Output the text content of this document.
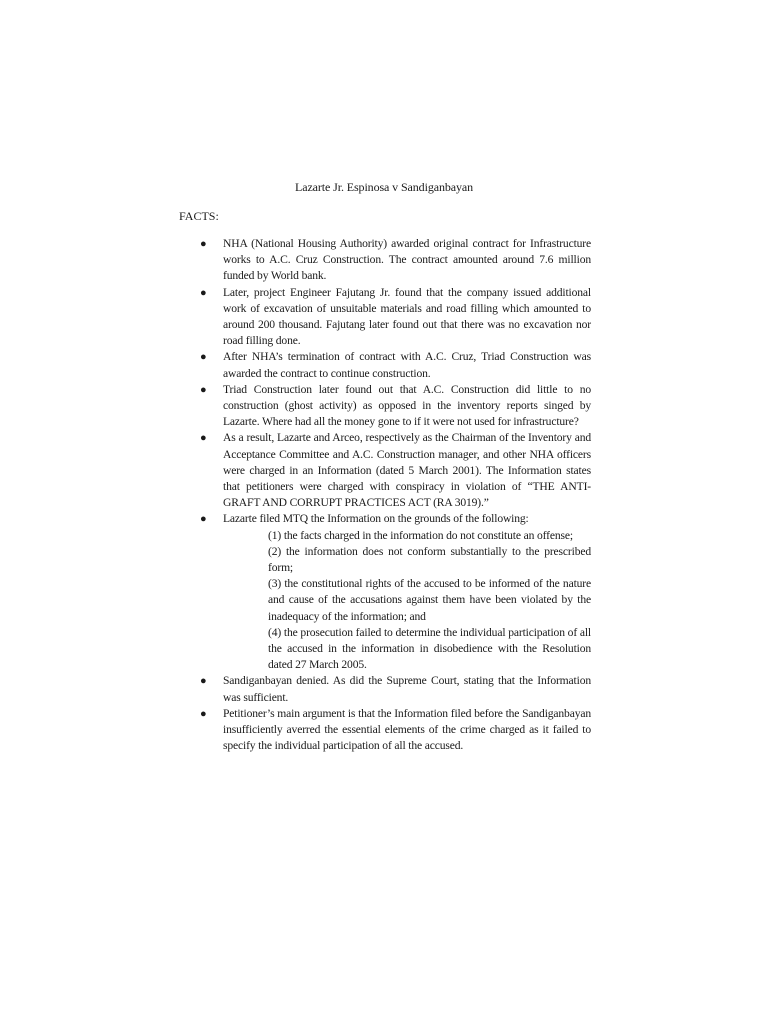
Lazarte Jr. Espinosa v Sandiganbayan
FACTS:
● NHA (National Housing Authority) awarded original contract for Infrastructure works to A.C. Cruz Construction. The contract amounted around 7.6 million funded by World bank.
● Later, project Engineer Fajutang Jr. found that the company issued additional work of excavation of unsuitable materials and road filling which amounted to around 200 thousand. Fajutang later found out that there was no excavation nor road filling done.
● After NHA’s termination of contract with A.C. Cruz, Triad Construction was awarded the contract to continue construction.
● Triad Construction later found out that A.C. Construction did little to no construction (ghost activity) as opposed in the inventory reports singed by Lazarte. Where had all the money gone to if it were not used for infrastructure?
● As a result, Lazarte and Arceo, respectively as the Chairman of the Inventory and Acceptance Committee and A.C. Construction manager, and other NHA officers were charged in an Information (dated 5 March 2001). The Information states that petitioners were charged with conspiracy in violation of “THE ANTI-GRAFT AND CORRUPT PRACTICES ACT (RA 3019).”
● Lazarte filed MTQ the Information on the grounds of the following:
(1) the facts charged in the information do not constitute an offense;
(2) the information does not conform substantially to the prescribed form;
(3) the constitutional rights of the accused to be informed of the nature and cause of the accusations against them have been violated by the inadequacy of the information; and
(4) the prosecution failed to determine the individual participation of all the accused in the information in disobedience with the Resolution dated 27 March 2005.
● Sandiganbayan denied. As did the Supreme Court, stating that the Information was sufficient.
● Petitioner’s main argument is that the Information filed before the Sandiganbayan insufficiently averred the essential elements of the crime charged as it failed to specify the individual participation of all the accused.
